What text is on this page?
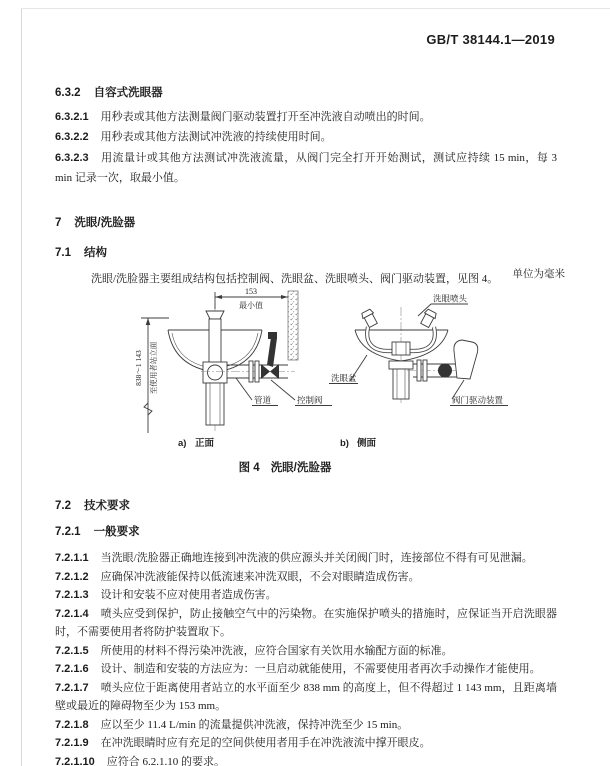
GB/T 38144.1—2019
6.3.2 自容式洗眼器
6.3.2.1 用秒表或其他方法测量阀门驱动装置打开至冲洗液自动喷出的时间。
6.3.2.2 用秒表或其他方法测试冲洗液的持续使用时间。
6.3.2.3 用流量计或其他方法测试冲洗液流量，从阀门完全打开开始测试，测试应持续 15 min，每 3 min 记录一次，取最小值。
7 洗眼/洗脸器
7.1 结构
洗眼/洗脸器主要组成结构包括控制阀、洗眼盆、洗眼喷头、阀门驱动装置，见图 4。	单位为毫米
153
最小值
838～1 143 至使用者站立面
管道	控制阀
洗眼盆
洗眼喷头
阀门驱动装置
a) 正面	b) 侧面
图 4 洗眼/洗脸器
7.2 技术要求
7.2.1 一般要求
7.2.1.1 当洗眼/洗脸器正确地连接到冲洗液的供应源头并关闭阀门时，连接部位不得有可见泄漏。
7.2.1.2 应确保冲洗液能保持以低流速来冲洗双眼，不会对眼睛造成伤害。
7.2.1.3 设计和安装不应对使用者造成伤害。
7.2.1.4 喷头应受到保护，防止接触空气中的污染物。在实施保护喷头的措施时，应保证当开启洗眼器时，不需要使用者将防护装置取下。
7.2.1.5 所使用的材料不得污染冲洗液，应符合国家有关饮用水输配方面的标准。
7.2.1.6 设计、制造和安装的方法应为：一旦启动就能使用，不需要使用者再次手动操作才能使用。
7.2.1.7 喷头应位于距离使用者站立的水平面至少 838 mm 的高度上，但不得超过 1 143 mm，且距离墙壁或最近的障碍物至少为 153 mm。
7.2.1.8 应以至少 11.4 L/min 的流量提供冲洗液，保持冲洗至少 15 min。
7.2.1.9 在冲洗眼睛时应有充足的空间供使用者用手在冲洗液流中撑开眼皮。
7.2.1.10 应符合 6.2.1.10 的要求。
